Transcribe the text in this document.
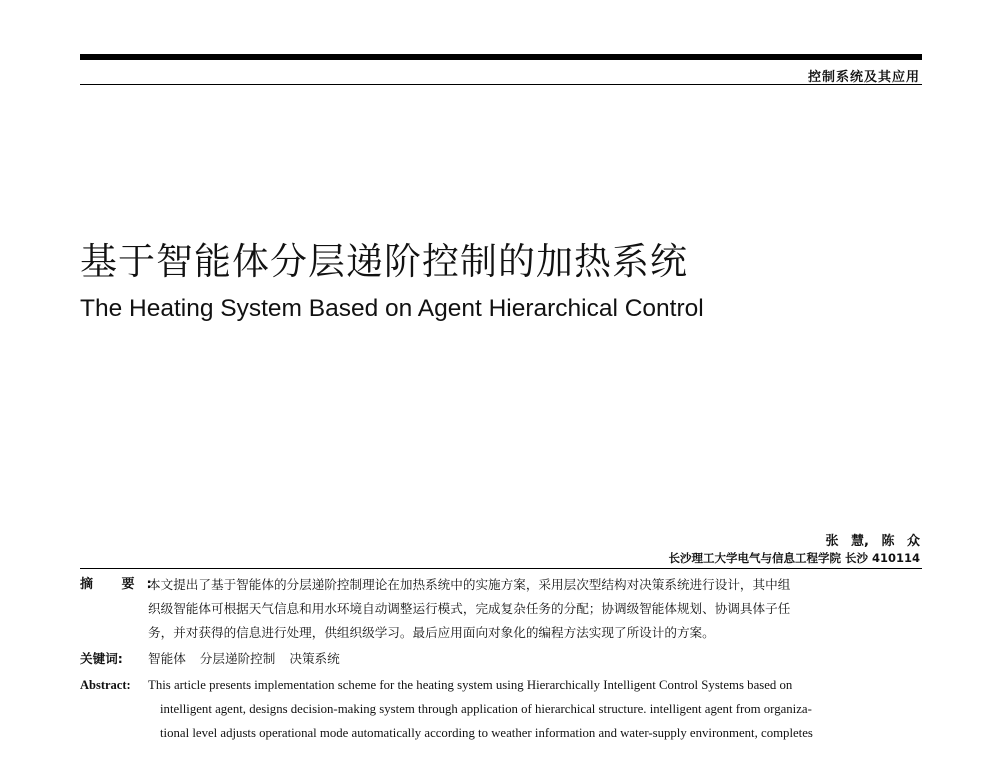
控制系统及其应用
基于智能体分层递阶控制的加热系统
The Heating System Based on Agent Hierarchical Control
张 慧, 陈 众
长沙理工大学电气与信息工程学院 长沙 410114
摘 要:
本文提出了基于智能体的分层递阶控制理论在加热系统中的实施方案，采用层次型结构对决策系统进行设计，其中组
织级智能体可根据天气信息和用水环境自动调整运行模式，完成复杂任务的分配；协调级智能体规划、协调具体子任
务，并对获得的信息进行处理，供组织级学习。最后应用面向对象化的编程方法实现了所设计的方案。
关键词: 智能体 分层递阶控制 决策系统
Abstract: This article presents implementation scheme for the heating system using Hierarchically Intelligent Control Systems based on
intelligent agent, designs decision-making system through application of hierarchical structure. intelligent agent from organiza-
tional level adjusts operational mode automatically according to weather information and water-supply environment, completes
